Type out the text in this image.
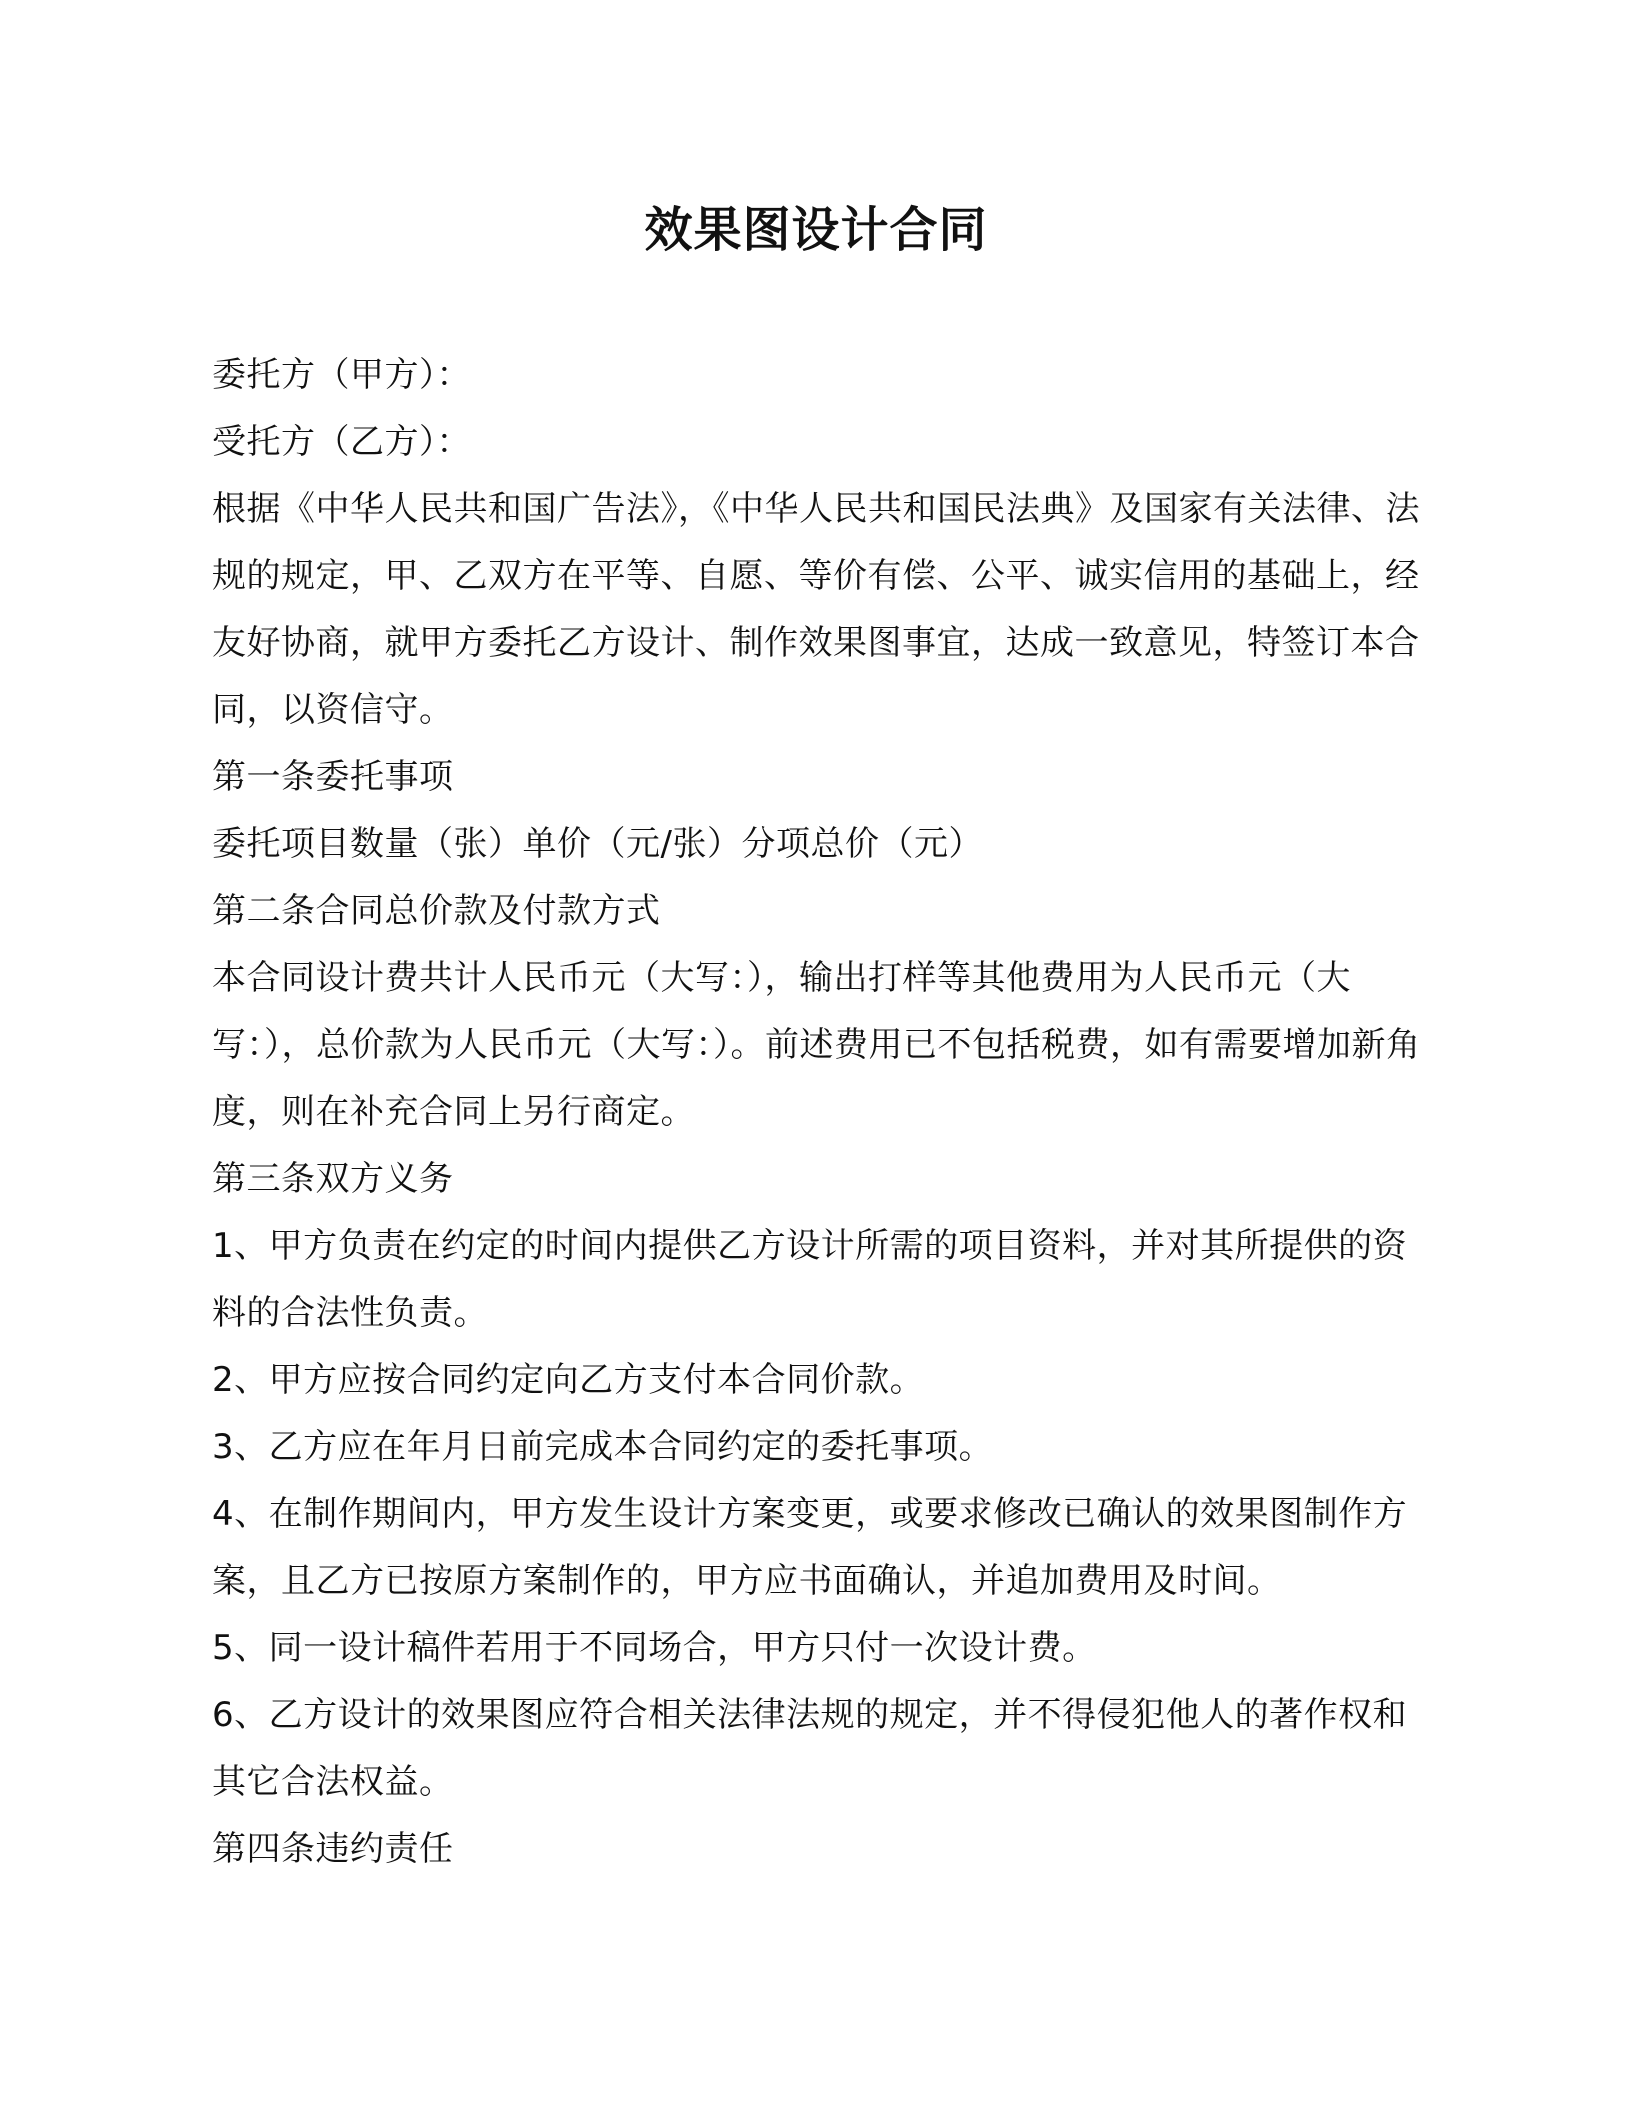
效果图设计合同

委托方（甲方）：

受托方（乙方）：

根据《中华人民共和国广告法》，《中华人民共和国民法典》及国家有关法律、法规的规定，甲、乙双方在平等、自愿、等价有偿、公平、诚实信用的基础上，经友好协商，就甲方委托乙方设计、制作效果图事宜，达成一致意见，特签订本合同，以资信守。

第一条委托事项

委托项目数量（张）单价（元/张）分项总价（元）

第二条合同总价款及付款方式

本合同设计费共计人民币元（大写：），输出打样等其他费用为人民币元（大写：），总价款为人民币元（大写：）。前述费用已不包括税费，如有需要增加新角度，则在补充合同上另行商定。

第三条双方义务

1、甲方负责在约定的时间内提供乙方设计所需的项目资料，并对其所提供的资料的合法性负责。

2、甲方应按合同约定向乙方支付本合同价款。

3、乙方应在年月日前完成本合同约定的委托事项。

4、在制作期间内，甲方发生设计方案变更，或要求修改已确认的效果图制作方案，且乙方已按原方案制作的，甲方应书面确认，并追加费用及时间。

5、同一设计稿件若用于不同场合，甲方只付一次设计费。

6、乙方设计的效果图应符合相关法律法规的规定，并不得侵犯他人的著作权和其它合法权益。

第四条违约责任
